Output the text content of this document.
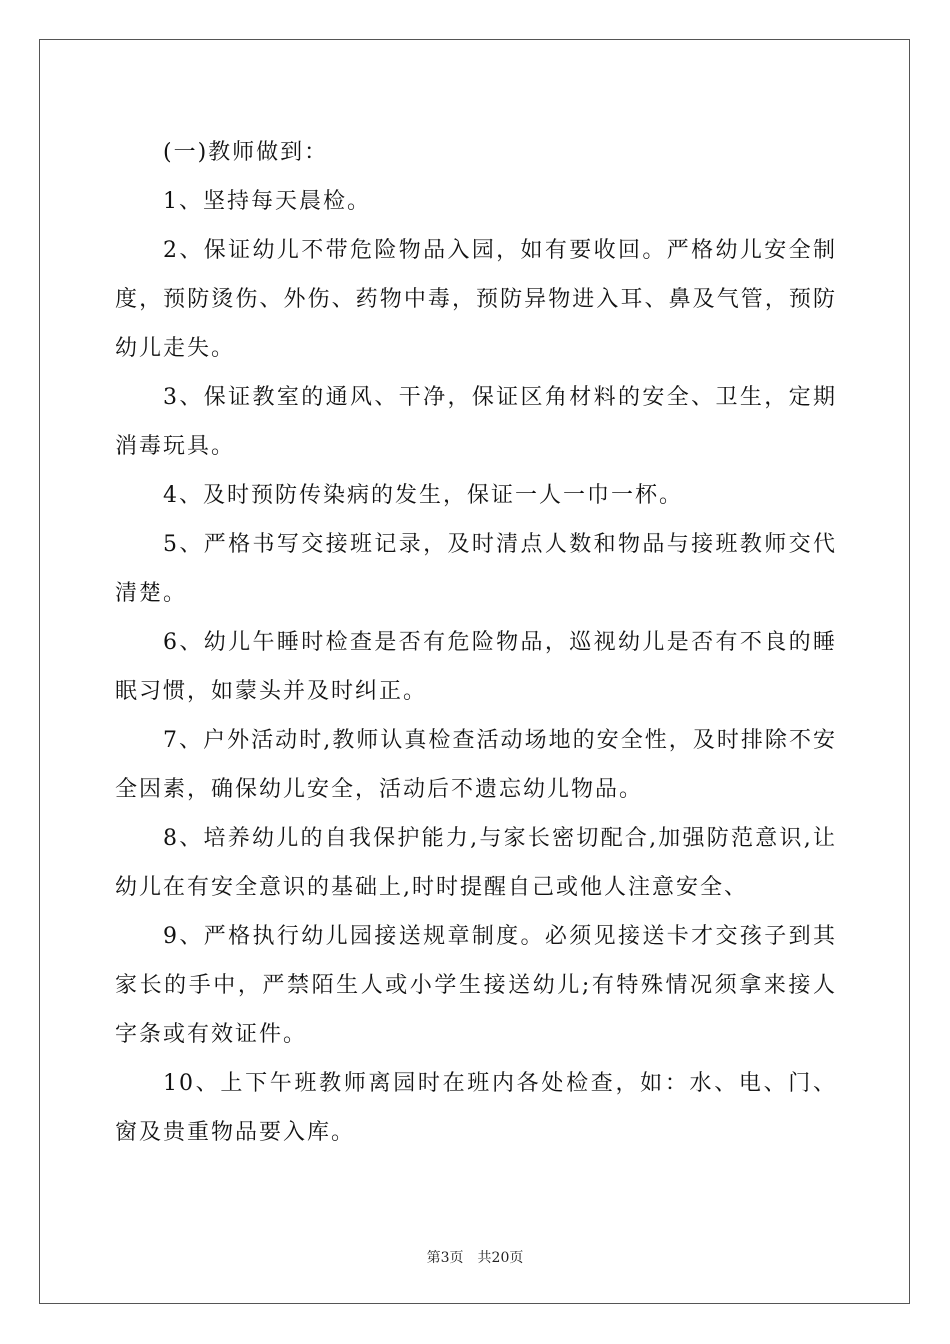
(一)教师做到：

1、坚持每天晨检。

2、保证幼儿不带危险物品入园，如有要收回。严格幼儿安全制度，预防烫伤、外伤、药物中毒，预防异物进入耳、鼻及气管，预防幼儿走失。

3、保证教室的通风、干净，保证区角材料的安全、卫生，定期消毒玩具。

4、及时预防传染病的发生，保证一人一巾一杯。

5、严格书写交接班记录，及时清点人数和物品与接班教师交代清楚。

6、幼儿午睡时检查是否有危险物品，巡视幼儿是否有不良的睡眠习惯，如蒙头并及时纠正。

7、户外活动时,教师认真检查活动场地的安全性，及时排除不安全因素，确保幼儿安全，活动后不遗忘幼儿物品。

8、培养幼儿的自我保护能力,与家长密切配合,加强防范意识,让幼儿在有安全意识的基础上,时时提醒自己或他人注意安全、

9、严格执行幼儿园接送规章制度。必须见接送卡才交孩子到其家长的手中，严禁陌生人或小学生接送幼儿;有特殊情况须拿来接人字条或有效证件。

10、上下午班教师离园时在班内各处检查，如：水、电、门、窗及贵重物品要入库。

第3页　共20页
